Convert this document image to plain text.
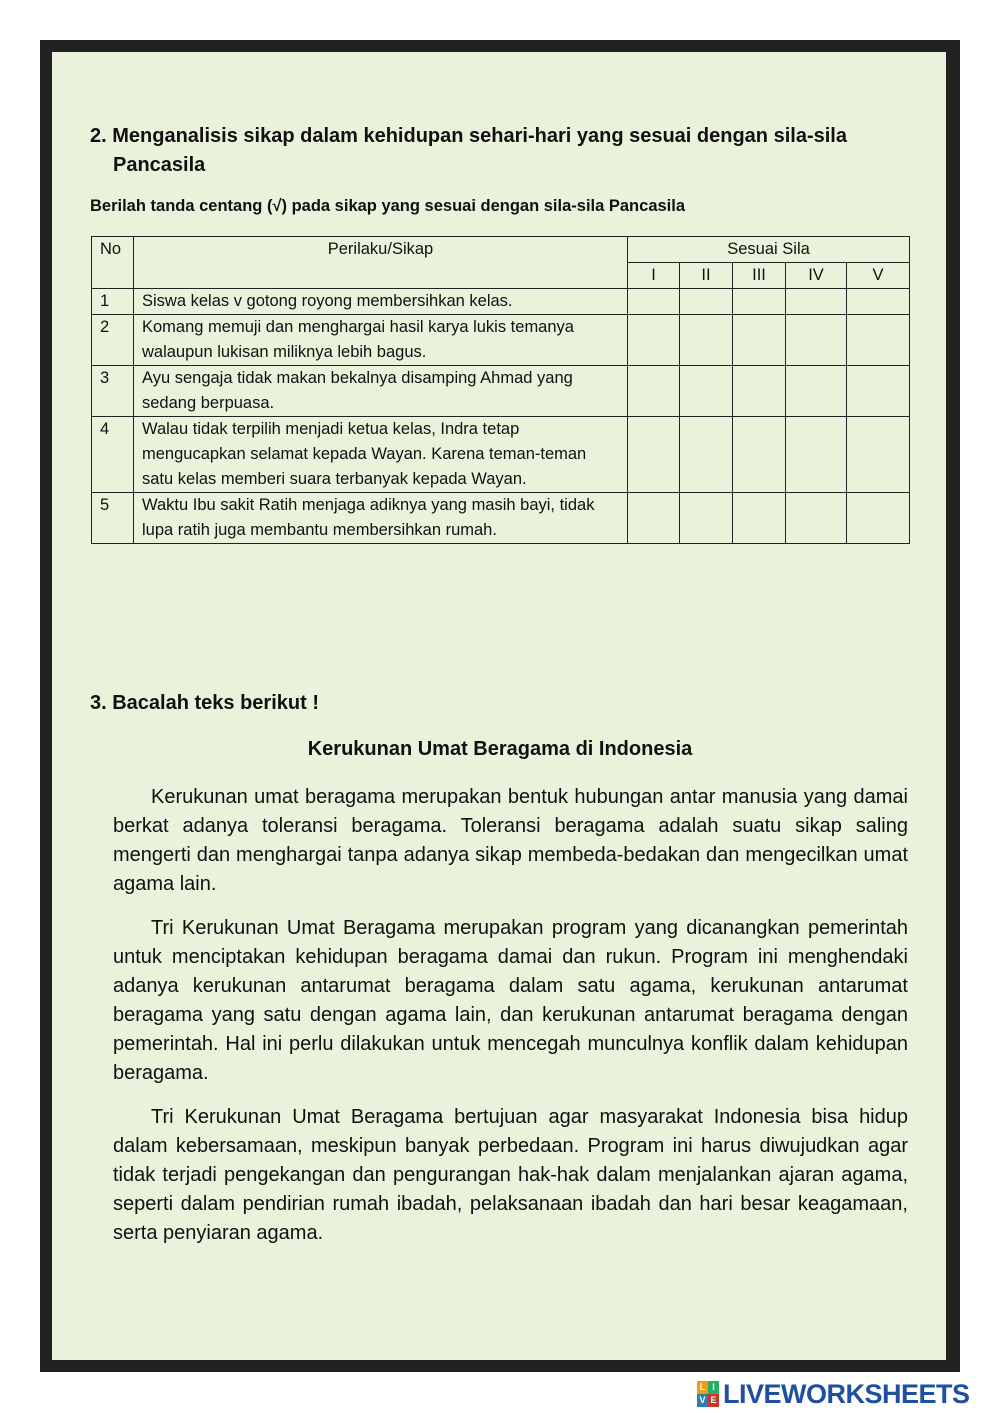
2. Menganalisis sikap dalam kehidupan sehari-hari yang sesuai dengan sila-sila
Pancasila
Berilah tanda centang (√) pada sikap yang sesuai dengan sila-sila Pancasila
No	Perilaku/Sikap	Sesuai Sila				
		I	II	III	IV	V
1	Siswa kelas v gotong royong membersihkan kelas.					
2	Komang memuji dan menghargai hasil karya lukis temanya walaupun lukisan miliknya lebih bagus.					
3	Ayu sengaja tidak makan bekalnya disamping Ahmad yang sedang berpuasa.					
4	Walau tidak terpilih menjadi ketua kelas, Indra tetap mengucapkan selamat kepada Wayan. Karena teman-teman satu kelas memberi suara terbanyak kepada Wayan.					
5	Waktu Ibu sakit Ratih menjaga adiknya yang masih bayi, tidak lupa ratih juga membantu membersihkan rumah.					
3. Bacalah teks berikut !
Kerukunan Umat Beragama di Indonesia

Kerukunan umat beragama merupakan bentuk hubungan antar manusia yang damai berkat adanya toleransi beragama. Toleransi beragama adalah suatu sikap saling mengerti dan menghargai tanpa adanya sikap membeda-bedakan dan mengecilkan umat agama lain.

Tri Kerukunan Umat Beragama merupakan program yang dicanangkan pemerintah untuk menciptakan kehidupan beragama damai dan rukun. Program ini menghendaki adanya kerukunan antarumat beragama dalam satu agama, kerukunan antarumat beragama yang satu dengan agama lain, dan kerukunan antarumat beragama dengan pemerintah. Hal ini perlu dilakukan untuk mencegah munculnya konflik dalam kehidupan beragama.

Tri Kerukunan Umat Beragama bertujuan agar masyarakat Indonesia bisa hidup dalam kebersamaan, meskipun banyak perbedaan. Program ini harus diwujudkan agar tidak terjadi pengekangan dan pengurangan hak-hak dalam menjalankan ajaran agama, seperti dalam pendirian rumah ibadah, pelaksanaan ibadah dan hari besar keagamaan, serta penyiaran agama.

L I
V E LIVEWORKSHEETS
